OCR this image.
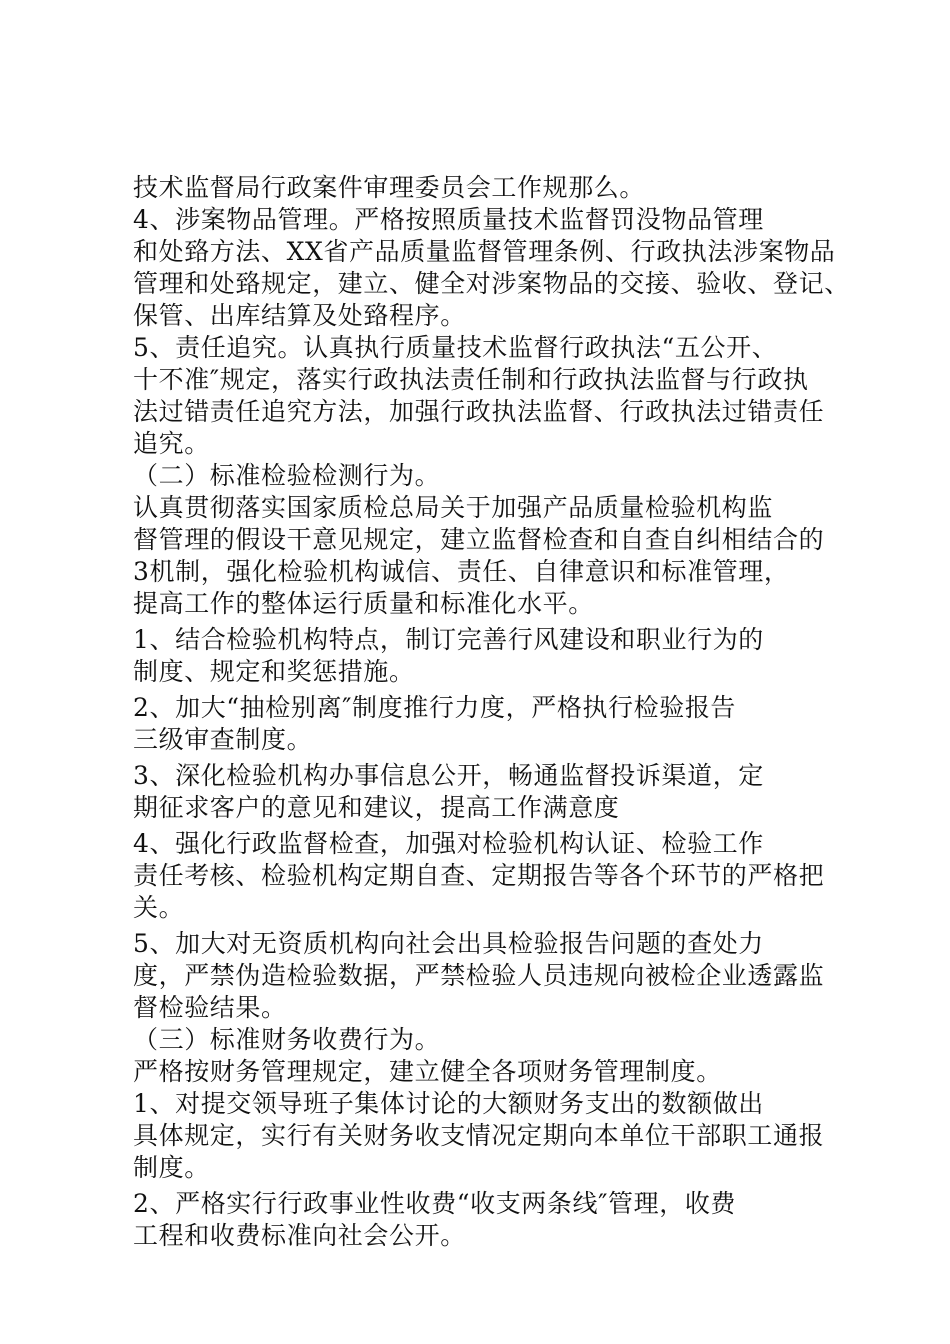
技术监督局行政案件审理委员会工作规那么。
4、涉案物品管理。严格按照质量技术监督罚没物品管理
和处臵方法、XX省产品质量监督管理条例、行政执法涉案物品
管理和处臵规定，建立、健全对涉案物品的交接、验收、登记、
保管、出库结算及处臵程序。
5、责任追究。认真执行质量技术监督行政执法“五公开、
十不准″规定，落实行政执法责任制和行政执法监督与行政执
法过错责任追究方法，加强行政执法监督、行政执法过错责任
追究。
（二）标准检验检测行为。
认真贯彻落实国家质检总局关于加强产品质量检验机构监
督管理的假设干意见规定，建立监督检查和自查自纠相结合的
3机制，强化检验机构诚信、责任、自律意识和标准管理，
提高工作的整体运行质量和标准化水平。
1、结合检验机构特点，制订完善行风建设和职业行为的
制度、规定和奖惩措施。
2、加大“抽检别离″制度推行力度，严格执行检验报告
三级审查制度。
3、深化检验机构办事信息公开，畅通监督投诉渠道，定
期征求客户的意见和建议，提高工作满意度
4、强化行政监督检查，加强对检验机构认证、检验工作
责任考核、检验机构定期自查、定期报告等各个环节的严格把
关。
5、加大对无资质机构向社会出具检验报告问题的查处力
度，严禁伪造检验数据，严禁检验人员违规向被检企业透露监
督检验结果。
（三）标准财务收费行为。
严格按财务管理规定，建立健全各项财务管理制度。
1、对提交领导班子集体讨论的大额财务支出的数额做出
具体规定，实行有关财务收支情况定期向本单位干部职工通报
制度。
2、严格实行行政事业性收费“收支两条线″管理，收费
工程和收费标准向社会公开。
